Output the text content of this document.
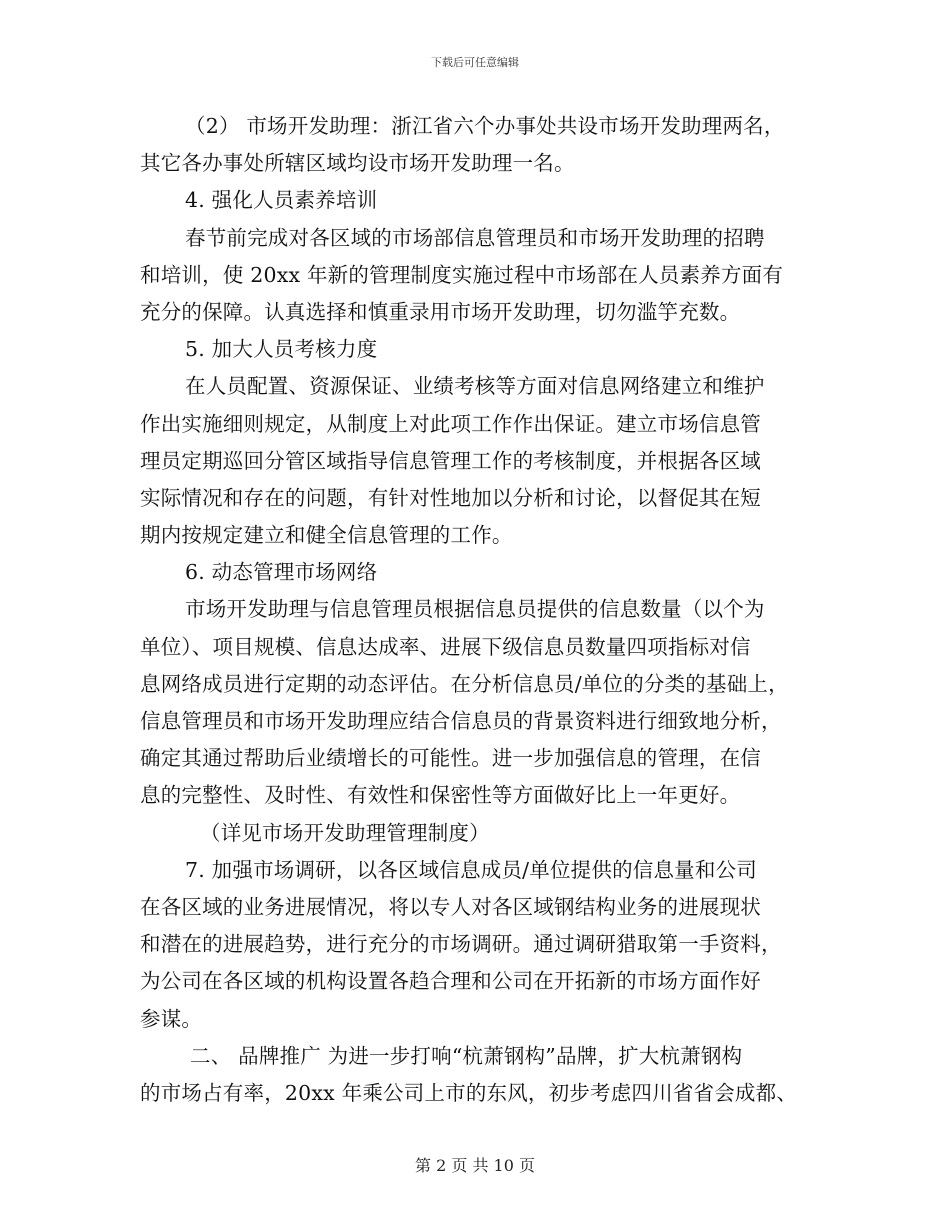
下载后可任意编辑
（2） 市场开发助理：浙江省六个办事处共设市场开发助理两名，
其它各办事处所辖区域均设市场开发助理一名。
4. 强化人员素养培训
春节前完成对各区域的市场部信息管理员和市场开发助理的招聘
和培训，使 20xx 年新的管理制度实施过程中市场部在人员素养方面有
充分的保障。认真选择和慎重录用市场开发助理，切勿滥竽充数。
5. 加大人员考核力度
在人员配置、资源保证、业绩考核等方面对信息网络建立和维护
作出实施细则规定，从制度上对此项工作作出保证。建立市场信息管
理员定期巡回分管区域指导信息管理工作的考核制度，并根据各区域
实际情况和存在的问题，有针对性地加以分析和讨论，以督促其在短
期内按规定建立和健全信息管理的工作。
6. 动态管理市场网络
市场开发助理与信息管理员根据信息员提供的信息数量（以个为
单位）、项目规模、信息达成率、进展下级信息员数量四项指标对信
息网络成员进行定期的动态评估。在分析信息员/单位的分类的基础上，
信息管理员和市场开发助理应结合信息员的背景资料进行细致地分析，
确定其通过帮助后业绩增长的可能性。进一步加强信息的管理，在信
息的完整性、及时性、有效性和保密性等方面做好比上一年更好。
（详见市场开发助理管理制度）
7. 加强市场调研，以各区域信息成员/单位提供的信息量和公司
在各区域的业务进展情况，将以专人对各区域钢结构业务的进展现状
和潜在的进展趋势，进行充分的市场调研。通过调研猎取第一手资料，
为公司在各区域的机构设置各趋合理和公司在开拓新的市场方面作好
参谋。
二、 品牌推广 为进一步打响“杭萧钢构”品牌，扩大杭萧钢构
的市场占有率，20xx 年乘公司上市的东风，初步考虑四川省省会成都、
第 2 页 共 10 页
